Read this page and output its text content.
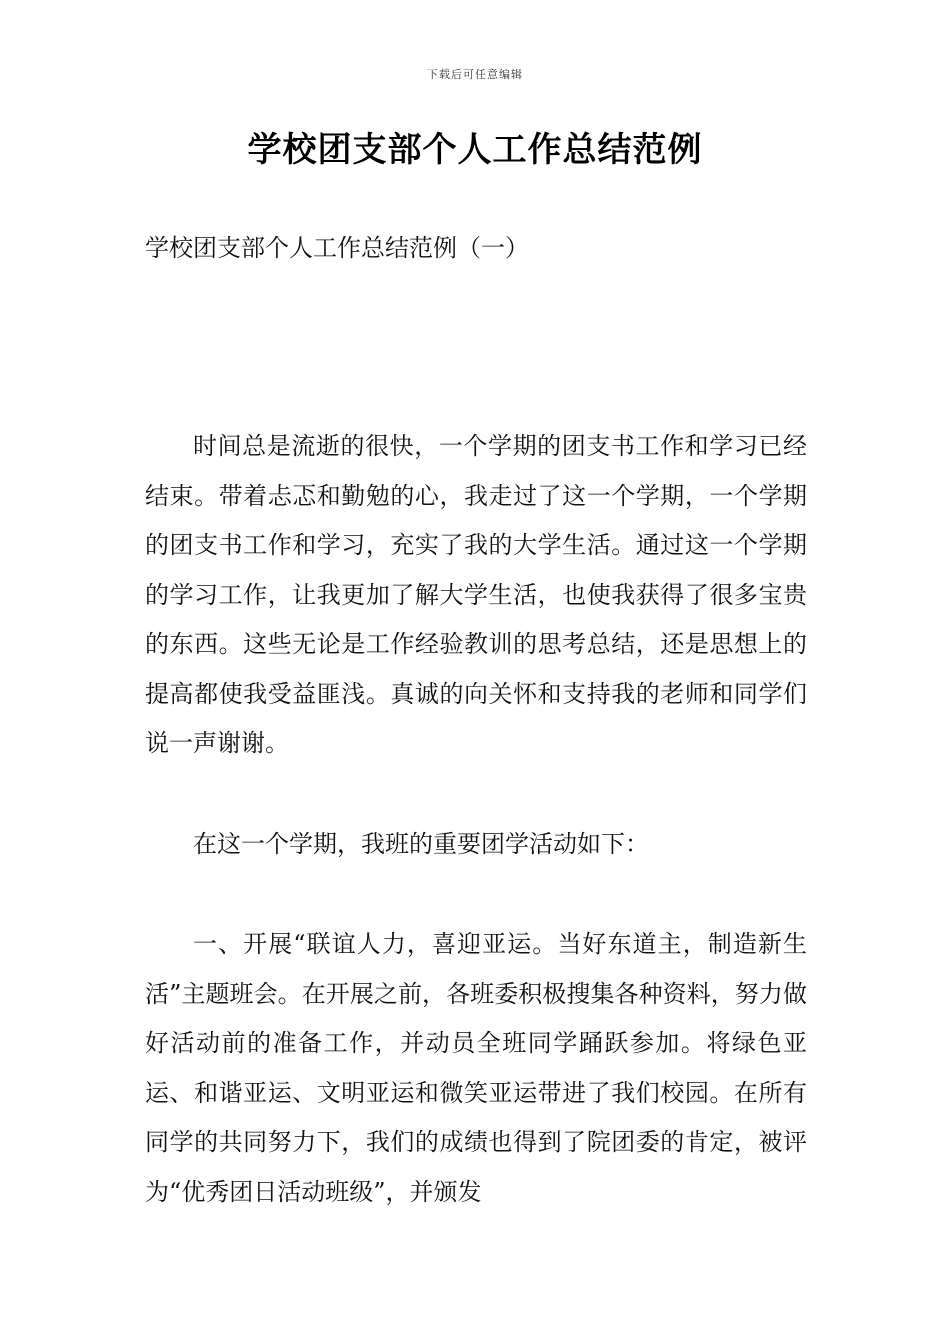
下载后可任意编辑
学校团支部个人工作总结范例

学校团支部个人工作总结范例（一）

时间总是流逝的很快，一个学期的团支书工作和学习已经结束。带着忐忑和勤勉的心，我走过了这一个学期，一个学期的团支书工作和学习，充实了我的大学生活。通过这一个学期的学习工作，让我更加了解大学生活，也使我获得了很多宝贵的东西。这些无论是工作经验教训的思考总结，还是思想上的提高都使我受益匪浅。真诚的向关怀和支持我的老师和同学们说一声谢谢。

在这一个学期，我班的重要团学活动如下：

一、开展“联谊人力，喜迎亚运。当好东道主，制造新生活”主题班会。在开展之前，各班委积极搜集各种资料，努力做好活动前的准备工作，并动员全班同学踊跃参加。将绿色亚运、和谐亚运、文明亚运和微笑亚运带进了我们校园。在所有同学的共同努力下，我们的成绩也得到了院团委的肯定，被评为“优秀团日活动班级”，并颁发
